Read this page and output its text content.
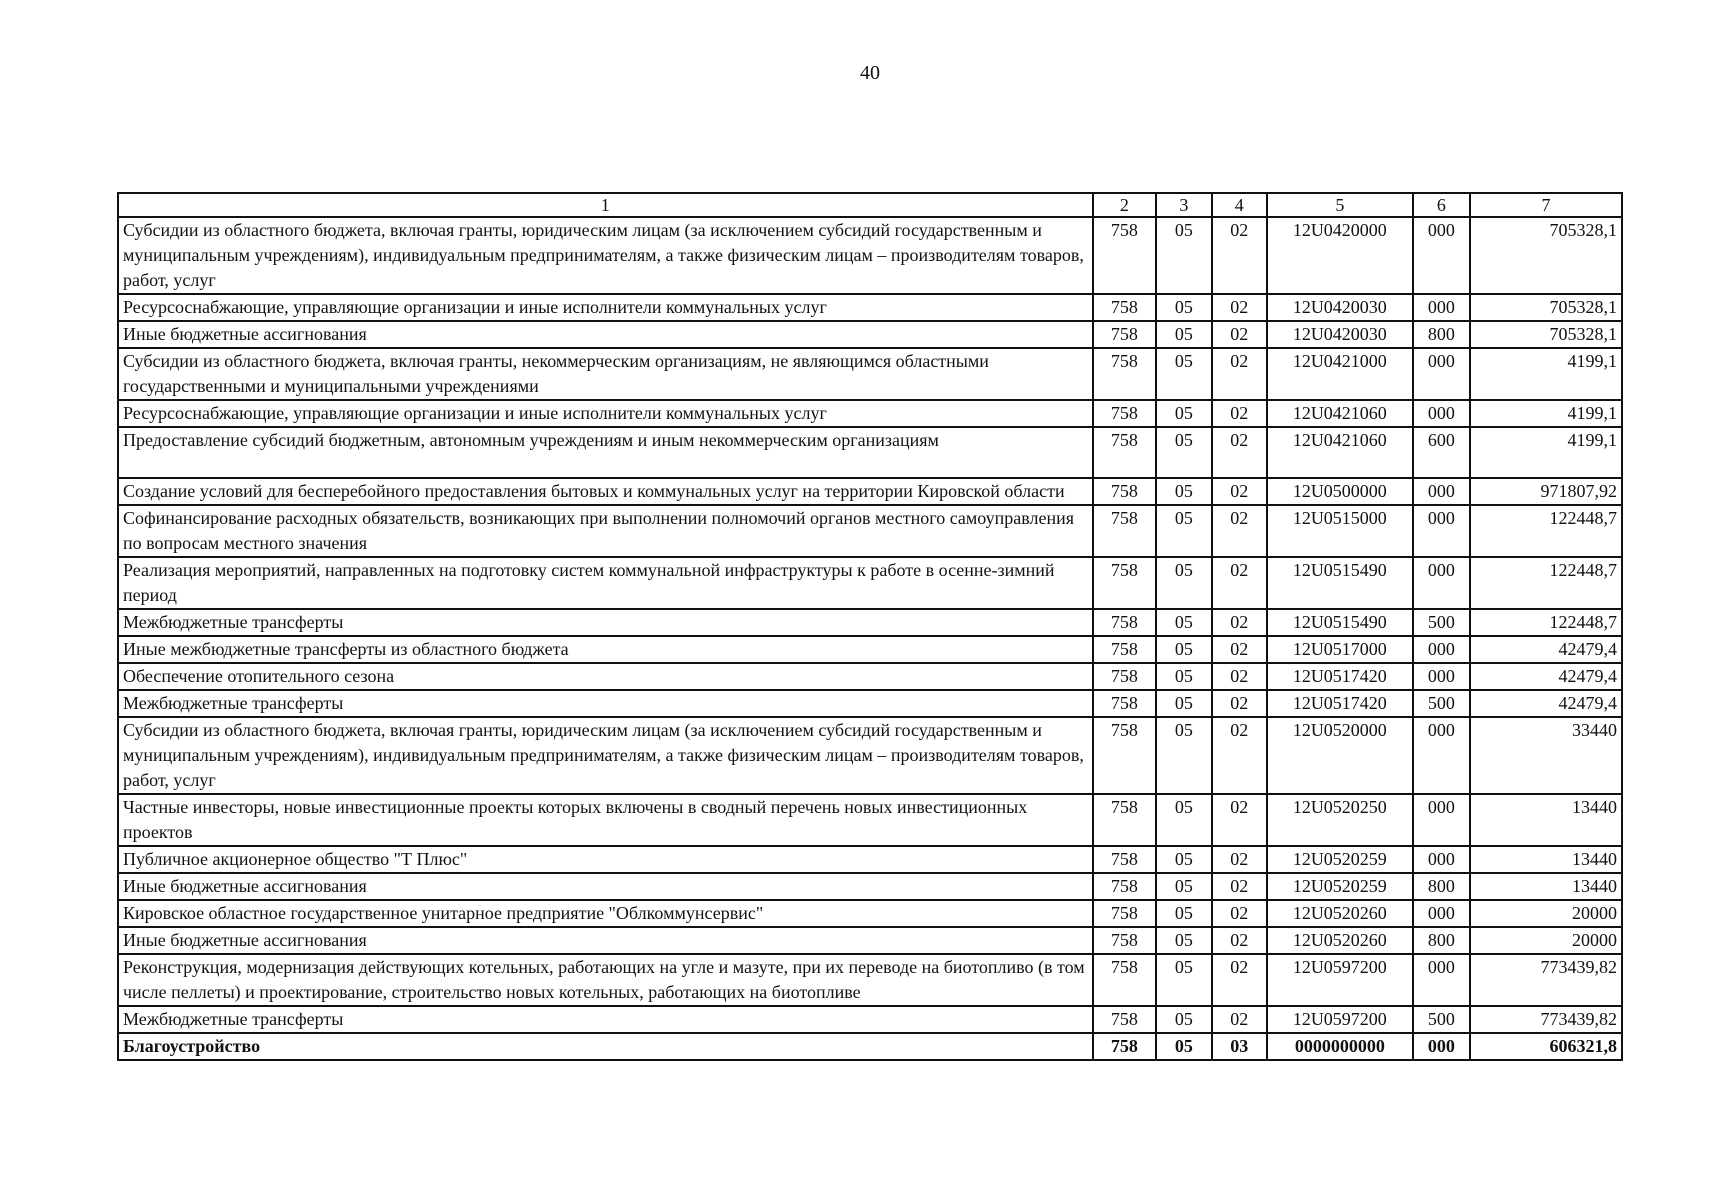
40
1	2	3	4	5	6	7
Субсидии из областного бюджета, включая гранты, юридическим лицам (за исключением субсидий государственным и муниципальным учреждениям), индивидуальным предпринимателям, а также физическим лицам – производителям товаров, работ, услуг	758	05	02	12U0420000	000	705328,1
Ресурсоснабжающие, управляющие организации и иные исполнители коммунальных услуг	758	05	02	12U0420030	000	705328,1
Иные бюджетные ассигнования	758	05	02	12U0420030	800	705328,1
Субсидии из областного бюджета, включая гранты, некоммерческим организациям, не являющимся областными государственными и муниципальными учреждениями	758	05	02	12U0421000	000	4199,1
Ресурсоснабжающие, управляющие организации и иные исполнители коммунальных услуг	758	05	02	12U0421060	000	4199,1
Предоставление субсидий бюджетным, автономным учреждениям и иным некоммерческим организациям	758	05	02	12U0421060	600	4199,1
Создание условий для бесперебойного предоставления бытовых и коммунальных услуг на территории Кировской области	758	05	02	12U0500000	000	971807,92
Софинансирование расходных обязательств, возникающих при выполнении полномочий органов местного самоуправления по вопросам местного значения	758	05	02	12U0515000	000	122448,7
Реализация мероприятий, направленных на подготовку систем коммунальной инфраструктуры к работе в осенне-зимний период	758	05	02	12U0515490	000	122448,7
Межбюджетные трансферты	758	05	02	12U0515490	500	122448,7
Иные межбюджетные трансферты из областного бюджета	758	05	02	12U0517000	000	42479,4
Обеспечение отопительного сезона	758	05	02	12U0517420	000	42479,4
Межбюджетные трансферты	758	05	02	12U0517420	500	42479,4
Субсидии из областного бюджета, включая гранты, юридическим лицам (за исключением субсидий государственным и муниципальным учреждениям), индивидуальным предпринимателям, а также физическим лицам – производителям товаров, работ, услуг	758	05	02	12U0520000	000	33440
Частные инвесторы, новые инвестиционные проекты которых включены в сводный перечень новых инвестиционных проектов	758	05	02	12U0520250	000	13440
Публичное акционерное общество "Т Плюс"	758	05	02	12U0520259	000	13440
Иные бюджетные ассигнования	758	05	02	12U0520259	800	13440
Кировское областное государственное унитарное предприятие "Облкоммунсервис"	758	05	02	12U0520260	000	20000
Иные бюджетные ассигнования	758	05	02	12U0520260	800	20000
Реконструкция, модернизация действующих котельных, работающих на угле и мазуте, при их переводе на биотопливо (в том числе пеллеты) и проектирование, строительство новых котельных, работающих на биотопливе	758	05	02	12U0597200	000	773439,82
Межбюджетные трансферты	758	05	02	12U0597200	500	773439,82
Благоустройство	758	05	03	0000000000	000	606321,8
